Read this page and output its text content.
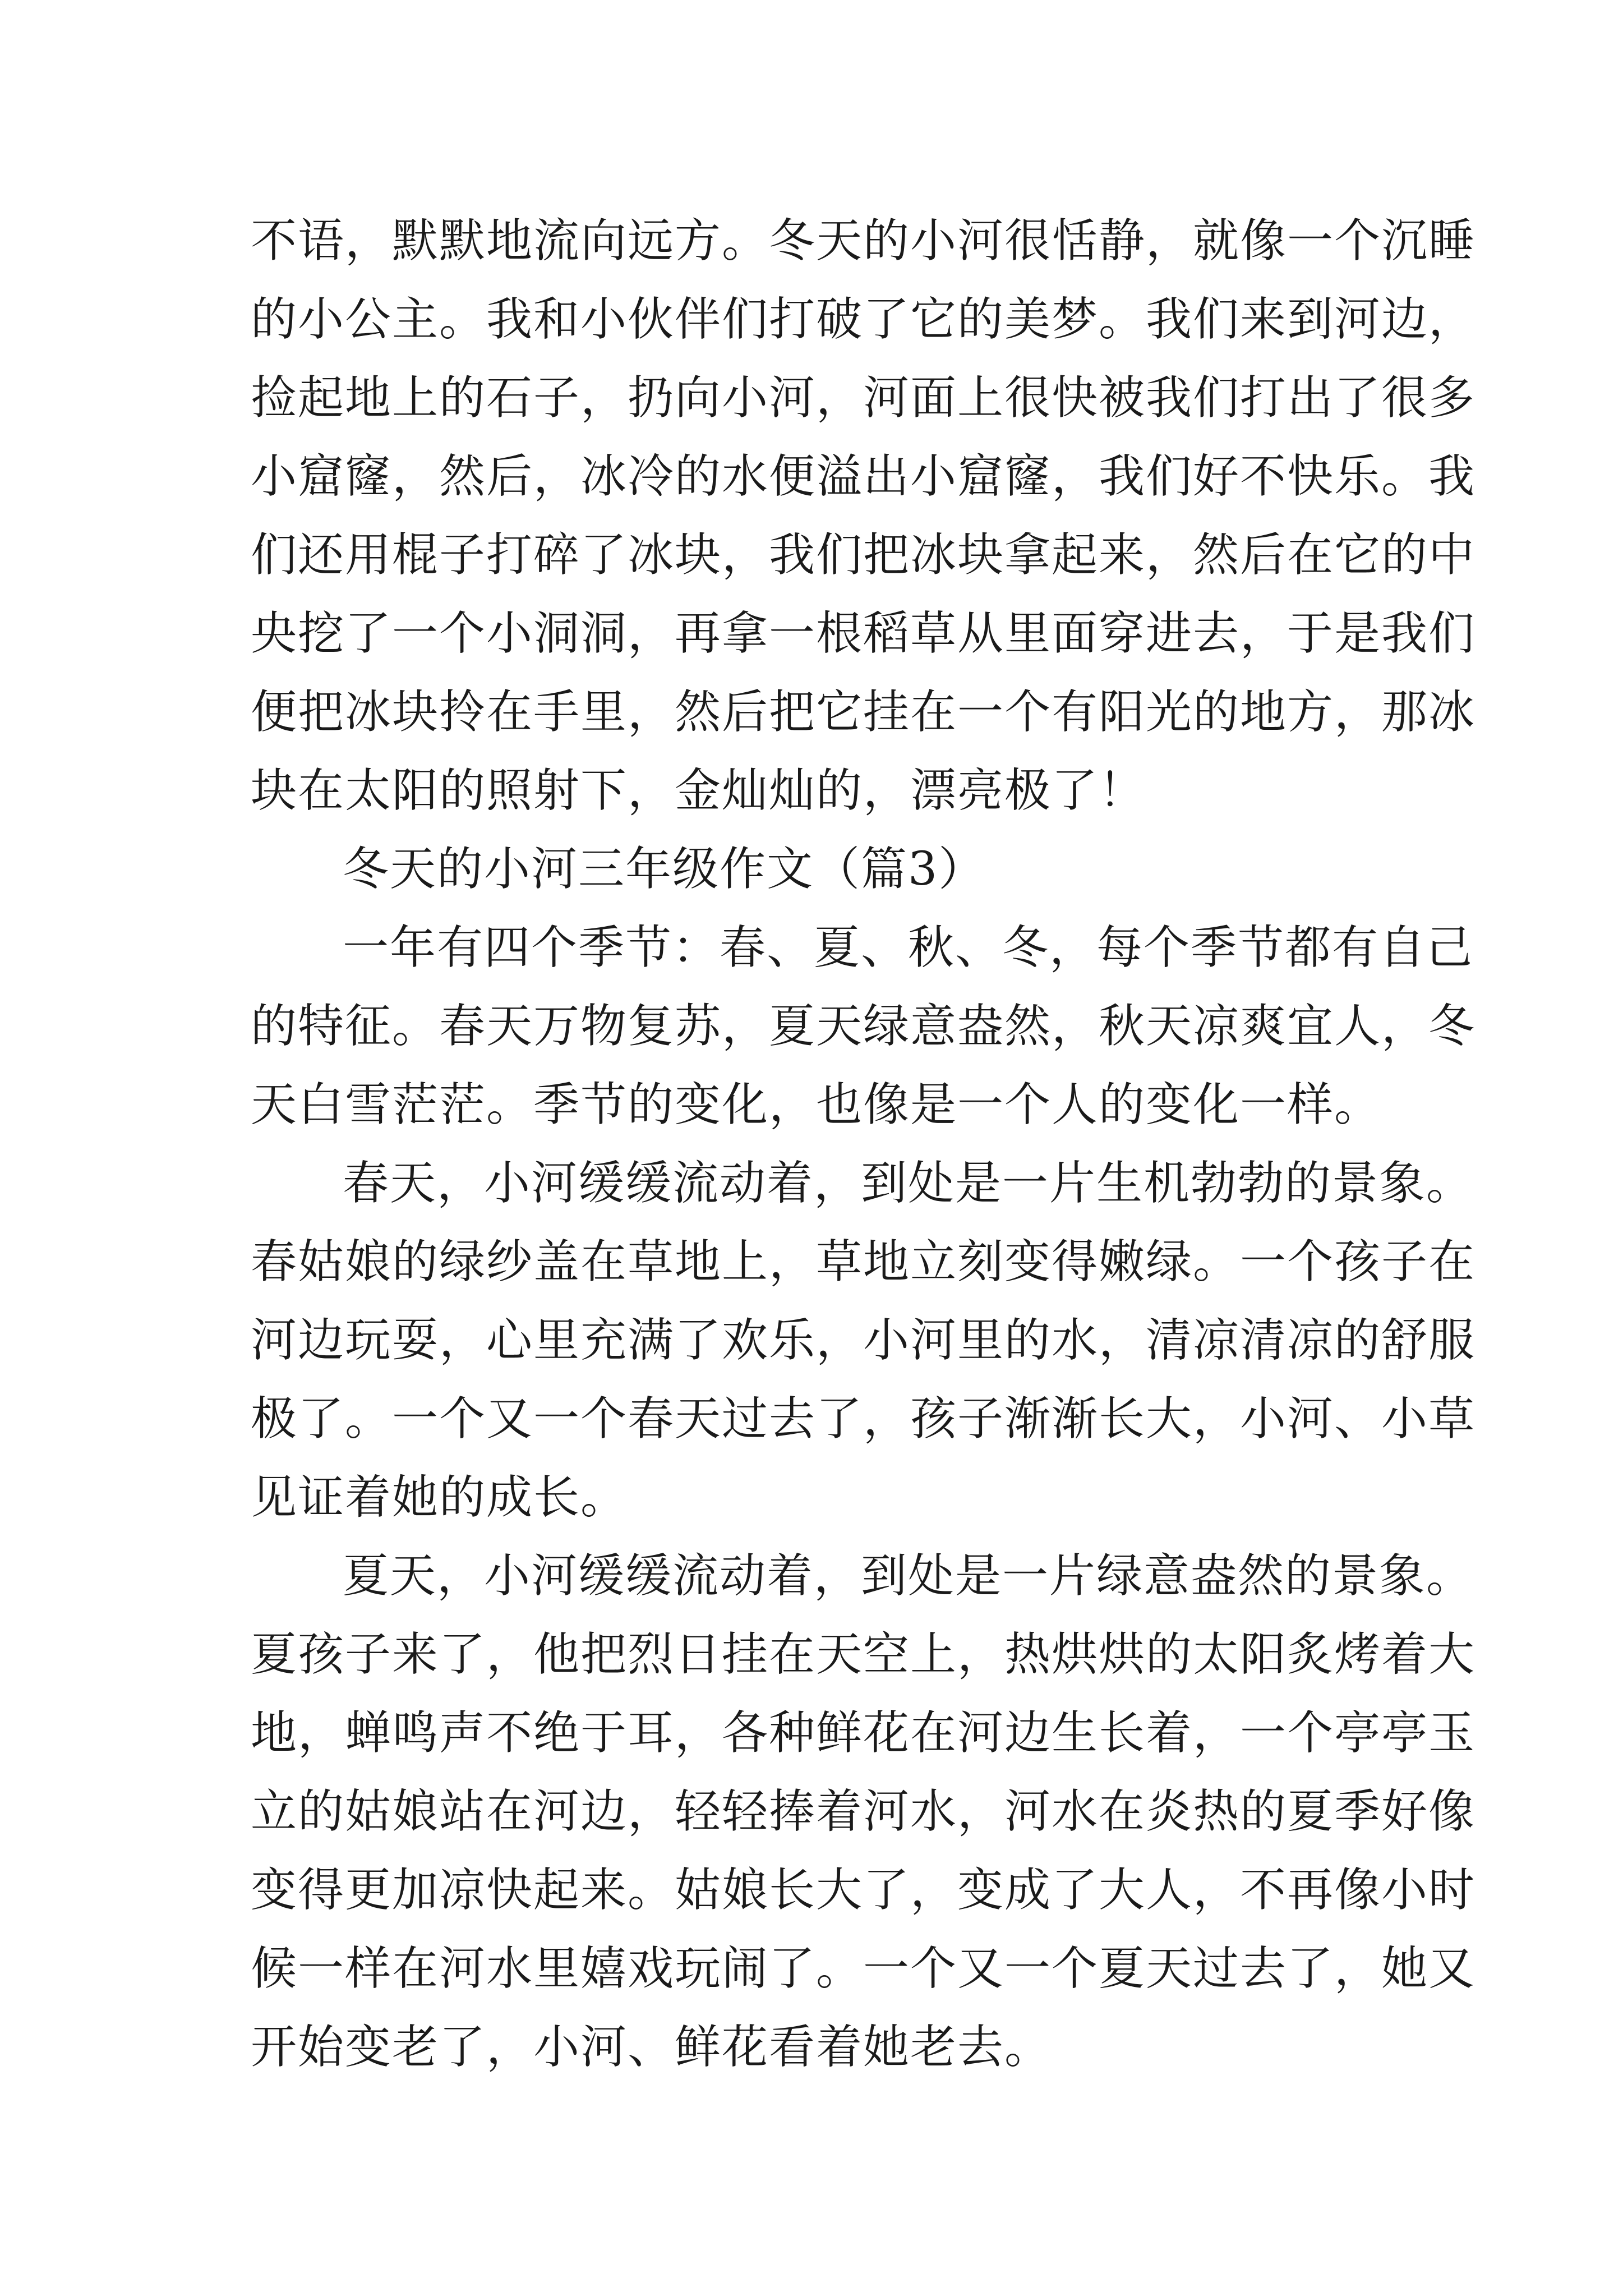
不语，默默地流向远方。冬天的小河很恬静，就像一个沉睡
的小公主。我和小伙伴们打破了它的美梦。我们来到河边，
捡起地上的石子，扔向小河，河面上很快被我们打出了很多
小窟窿，然后，冰冷的水便溢出小窟窿，我们好不快乐。我
们还用棍子打碎了冰块，我们把冰块拿起来，然后在它的中
央挖了一个小洞洞，再拿一根稻草从里面穿进去，于是我们
便把冰块拎在手里，然后把它挂在一个有阳光的地方，那冰
块在太阳的照射下，金灿灿的，漂亮极了！
冬天的小河三年级作文（篇3）
一年有四个季节：春、夏、秋、冬，每个季节都有自己
的特征。春天万物复苏，夏天绿意盎然，秋天凉爽宜人，冬
天白雪茫茫。季节的变化，也像是一个人的变化一样。
春天，小河缓缓流动着，到处是一片生机勃勃的景象。
春姑娘的绿纱盖在草地上，草地立刻变得嫩绿。一个孩子在
河边玩耍，心里充满了欢乐，小河里的水，清凉清凉的舒服
极了。一个又一个春天过去了，孩子渐渐长大，小河、小草
见证着她的成长。
夏天，小河缓缓流动着，到处是一片绿意盎然的景象。
夏孩子来了，他把烈日挂在天空上，热烘烘的太阳炙烤着大
地，蝉鸣声不绝于耳，各种鲜花在河边生长着，一个亭亭玉
立的姑娘站在河边，轻轻捧着河水，河水在炎热的夏季好像
变得更加凉快起来。姑娘长大了，变成了大人，不再像小时
候一样在河水里嬉戏玩闹了。一个又一个夏天过去了，她又
开始变老了，小河、鲜花看着她老去。
